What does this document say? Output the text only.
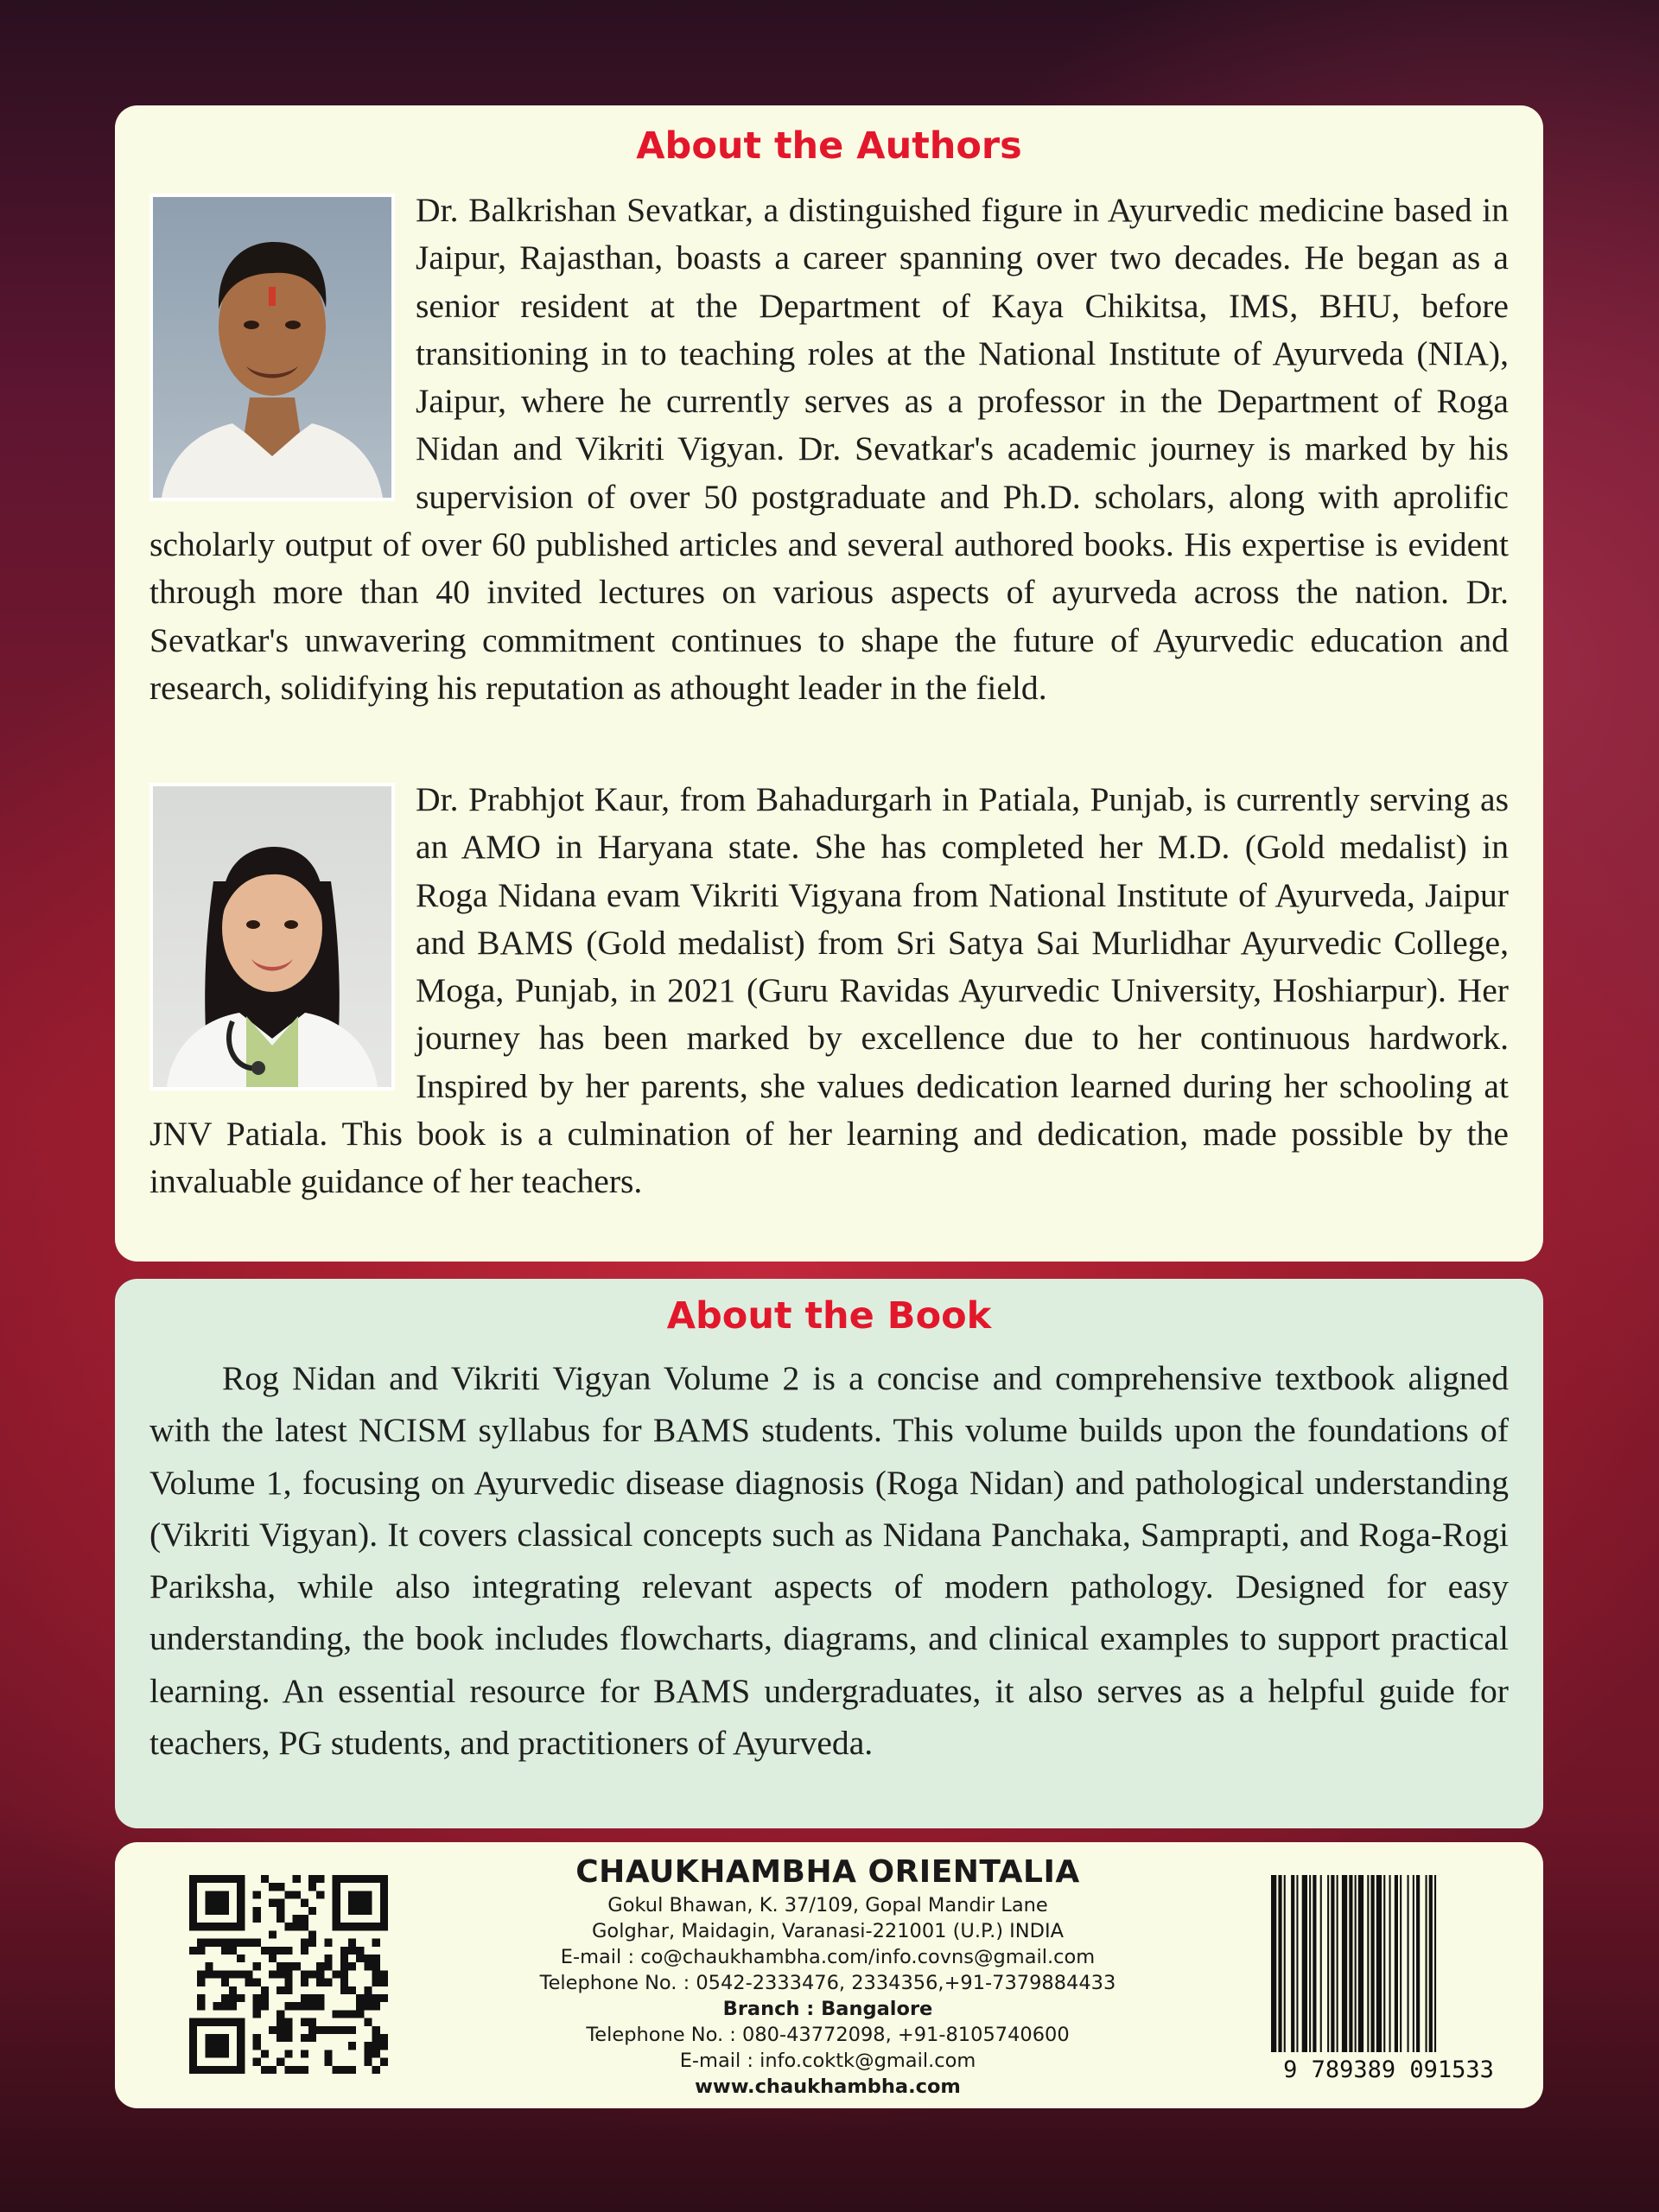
About the Authors

Dr. Balkrishan Sevatkar, a distinguished figure in Ayurvedic medicine based in Jaipur, Rajasthan, boasts a career spanning over two decades. He began as a senior resident at the Department of Kaya Chikitsa, IMS, BHU, before transitioning in to teaching roles at the National Institute of Ayurveda (NIA), Jaipur, where he currently serves as a professor in the Department of Roga Nidan and Vikriti Vigyan. Dr. Sevatkar's academic journey is marked by his supervision of over 50 postgraduate and Ph.D. scholars, along with aprolific scholarly output of over 60 published articles and several authored books. His expertise is evident through more than 40 invited lectures on various aspects of ayurveda across the nation. Dr. Sevatkar's unwavering commitment continues to shape the future of Ayurvedic education and research, solidifying his reputation as athought leader in the field.

Dr. Prabhjot Kaur, from Bahadurgarh in Patiala, Punjab, is currently serving as an AMO in Haryana state. She has completed her M.D. (Gold medalist) in Roga Nidana evam Vikriti Vigyana from National Institute of Ayurveda, Jaipur and BAMS (Gold medalist) from Sri Satya Sai Murlidhar Ayurvedic College, Moga, Punjab, in 2021 (Guru Ravidas Ayurvedic University, Hoshiarpur). Her journey has been marked by excellence due to her continuous hardwork. Inspired by her parents, she values dedication learned during her schooling at JNV Patiala. This book is a culmination of her learning and dedication, made possible by the invaluable guidance of her teachers.

About the Book

Rog Nidan and Vikriti Vigyan Volume 2 is a concise and comprehensive textbook aligned with the latest NCISM syllabus for BAMS students. This volume builds upon the foundations of Volume 1, focusing on Ayurvedic disease diagnosis (Roga Nidan) and pathological understanding (Vikriti Vigyan). It covers classical concepts such as Nidana Panchaka, Samprapti, and Roga-Rogi Pariksha, while also integrating relevant aspects of modern pathology. Designed for easy understanding, the book includes flowcharts, diagrams, and clinical examples to support practical learning. An essential resource for BAMS undergraduates, it also serves as a helpful guide for teachers, PG students, and practitioners of Ayurveda.

CHAUKHAMBHA ORIENTALIA
Gokul Bhawan, K. 37/109, Gopal Mandir Lane
Golghar, Maidagin, Varanasi-221001 (U.P.) INDIA
E-mail : co@chaukhambha.com/info.covns@gmail.com
Telephone No. : 0542-2333476, 2334356,+91-7379884433
Branch : Bangalore
Telephone No. : 080-43772098, +91-8105740600
E-mail : info.coktk@gmail.com
www.chaukhambha.com
9 789389 091533
